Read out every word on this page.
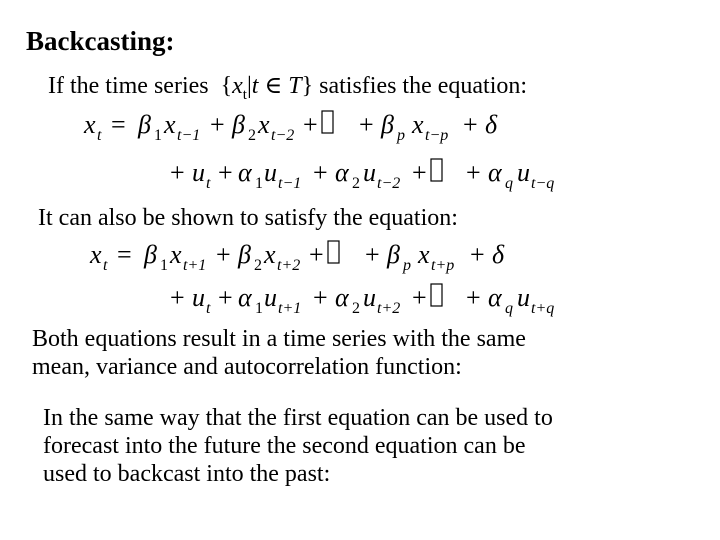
Backcasting:
If the time series {$x_t|t$ ∈ T} satisfies the equation:
It can also be shown to satisfy the equation:
Both equations result in a time series with the same
mean, variance and autocorrelation function:
In the same way that the first equation can be used to
forecast into the future the second equation can be
used to backcast into the past:
x t = β 1 x t−1 + β 2 x t−2 + + β p x t−p + δ
+ u t + α 1 u t−1 + α 2 u t−2 + + α q u t−q
x t = β 1 x t+1 + β 2 x t+2 + + β p x t+p + δ
+ u t + α 1 u t+1 + α 2 u t+2 + + α q u t+q
